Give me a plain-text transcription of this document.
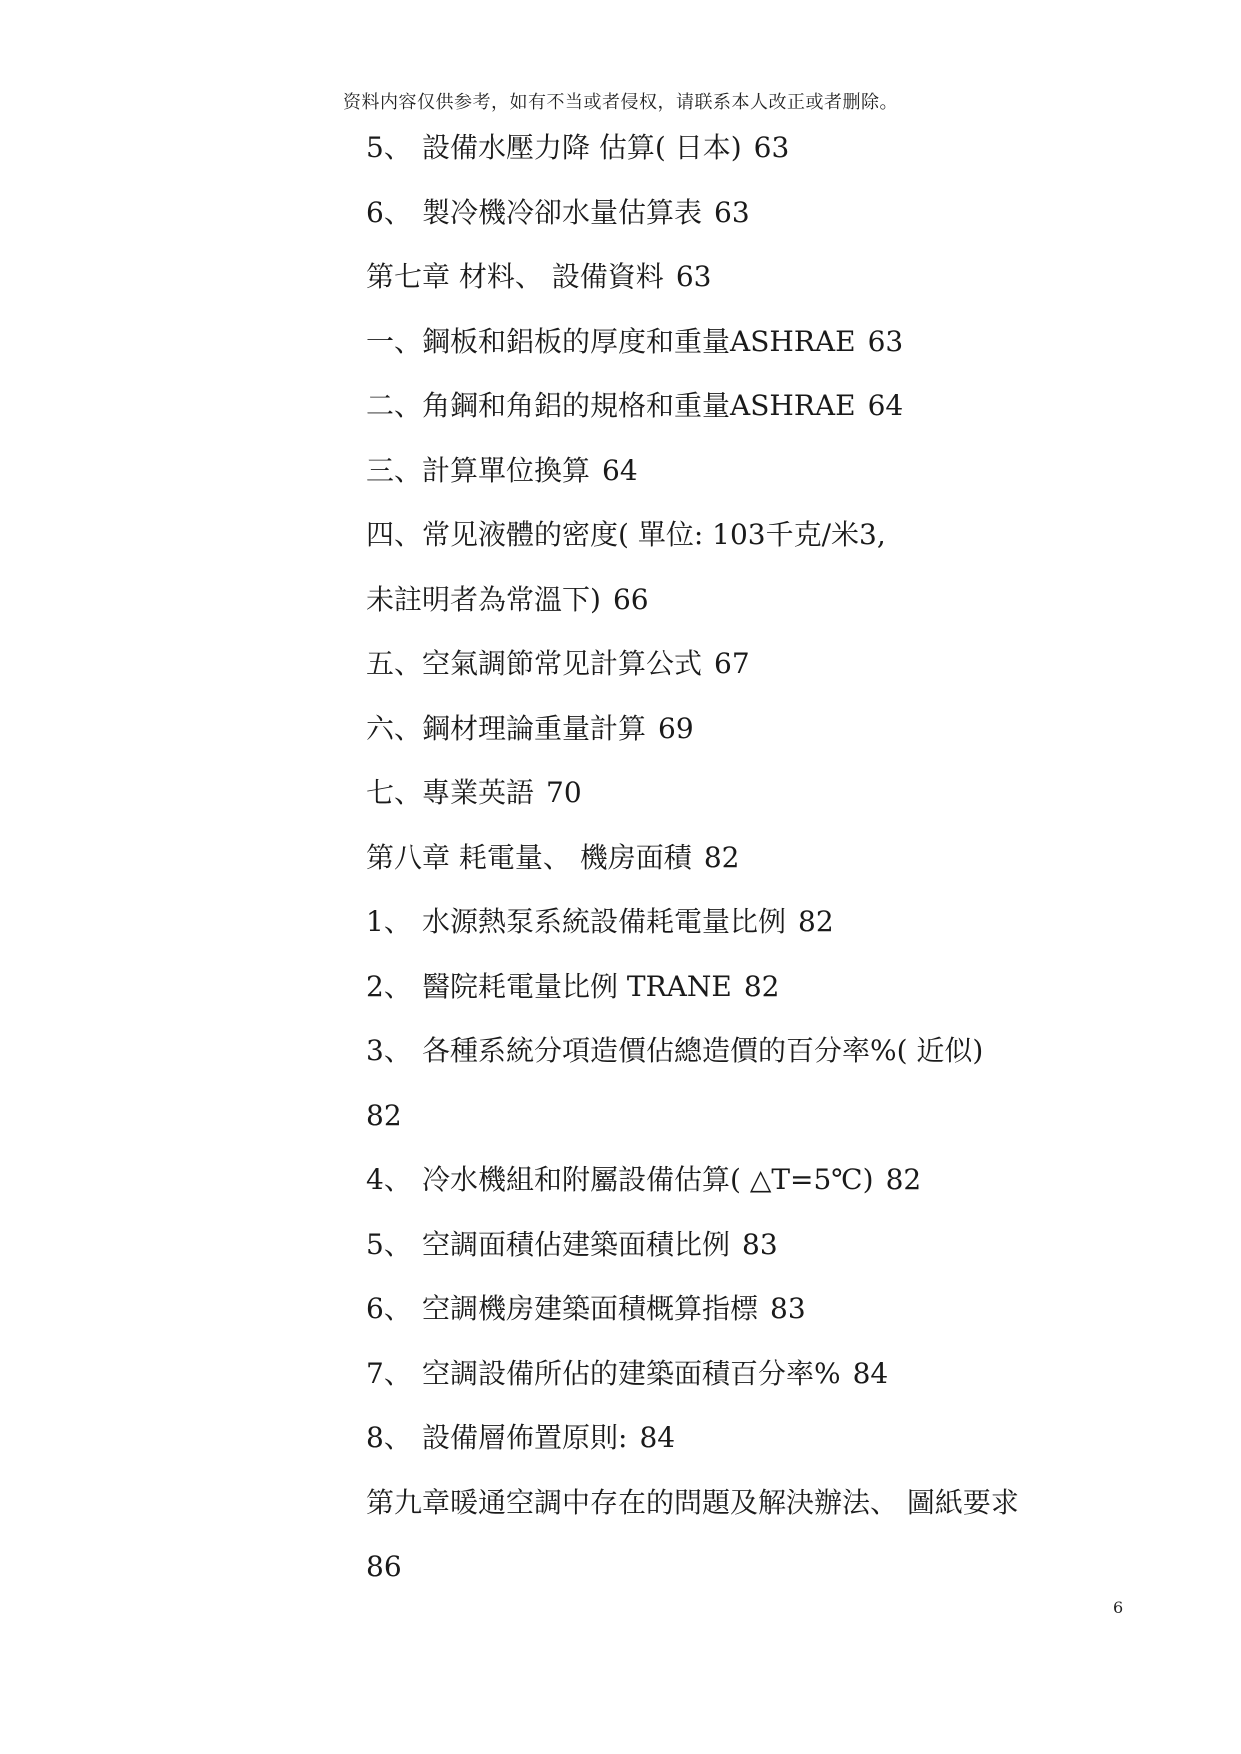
资料内容仅供参考，如有不当或者侵权，请联系本人改正或者删除。
5、 設備水壓力降 估算( 日本) 63
6、 製冷機冷卻水量估算表 63
第七章 材料、 設備資料 63
一、鋼板和鋁板的厚度和重量ASHRAE 63
二、角鋼和角鋁的規格和重量ASHRAE 64
三、計算單位換算 64
四、常见液體的密度( 單位: 103千克/米3,
未註明者為常溫下) 66
五、空氣調節常见計算公式 67
六、鋼材理論重量計算 69
七、專業英語 70
第八章 耗電量、 機房面積 82
1、 水源熱泵系統設備耗電量比例 82
2、 醫院耗電量比例 TRANE 82
3、 各種系統分項造價佔總造價的百分率%( 近似)
82
4、 冷水機組和附屬設備估算( △T=5℃) 82
5、 空調面積佔建築面積比例 83
6、 空調機房建築面積概算指標 83
7、 空調設備所佔的建築面積百分率% 84
8、 設備層佈置原則: 84
第九章暖通空調中存在的問題及解決辦法、 圖紙要求
86
6
